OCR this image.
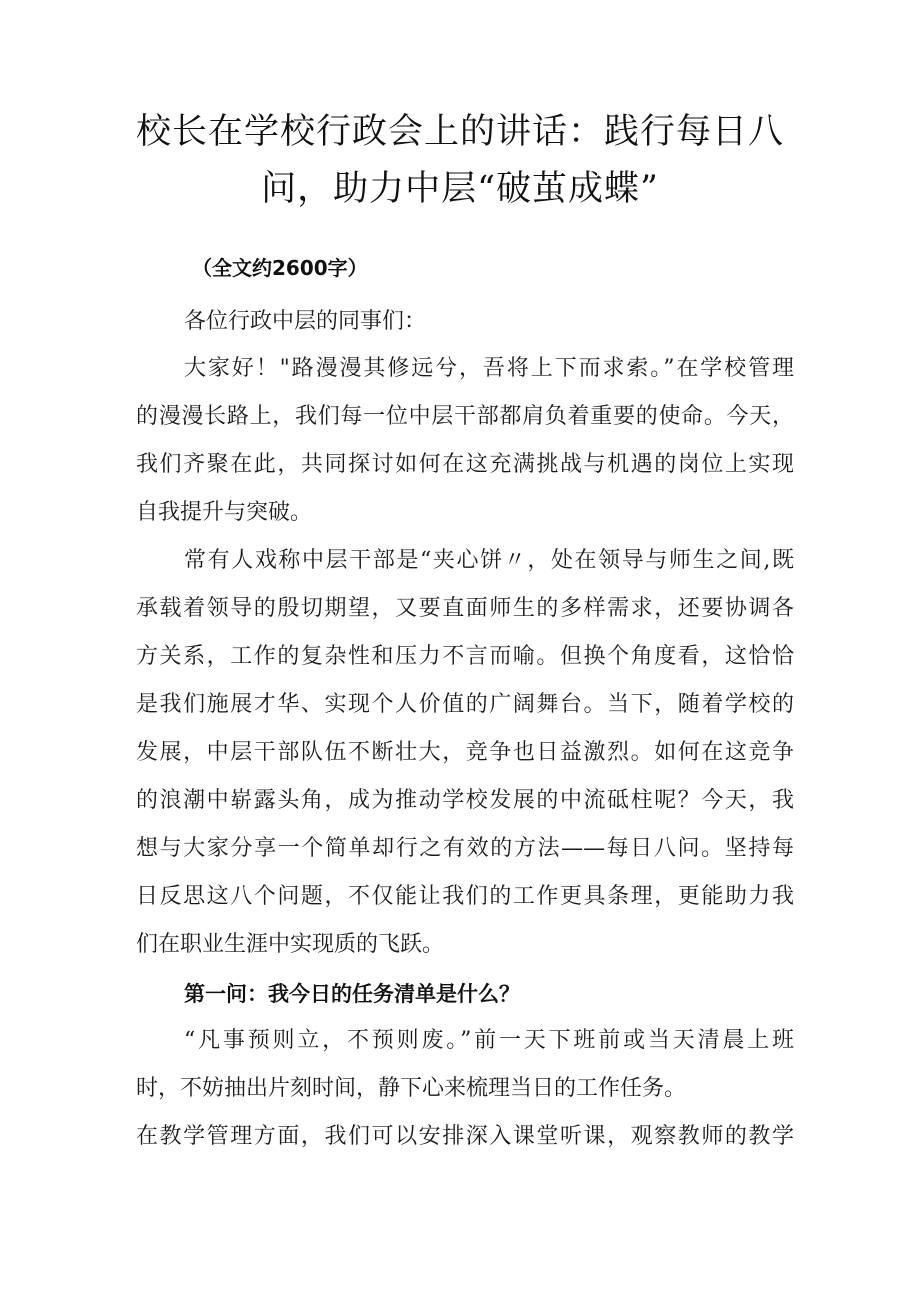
校长在学校行政会上的讲话：践行每日八
问，助力中层“破茧成蝶”
（全文约2600字）
各位行政中层的同事们：
大家好！"路漫漫其修远兮，吾将上下而求索。”在学校管理
的漫漫长路上，我们每一位中层干部都肩负着重要的使命。今天，
我们齐聚在此，共同探讨如何在这充满挑战与机遇的岗位上实现
自我提升与突破。
常有人戏称中层干部是“夹心饼〃，处在领导与师生之间,既
承载着领导的殷切期望，又要直面师生的多样需求，还要协调各
方关系，工作的复杂性和压力不言而喻。但换个角度看，这恰恰
是我们施展才华、实现个人价值的广阔舞台。当下，随着学校的
发展，中层干部队伍不断壮大，竞争也日益激烈。如何在这竞争
的浪潮中崭露头角，成为推动学校发展的中流砥柱呢？今天，我
想与大家分享一个简单却行之有效的方法——每日八问。坚持每
日反思这八个问题，不仅能让我们的工作更具条理，更能助力我
们在职业生涯中实现质的飞跃。
第一问：我今日的任务清单是什么？
“凡事预则立，不预则废。”前一天下班前或当天清晨上班
时，不妨抽出片刻时间，静下心来梳理当日的工作任务。
在教学管理方面，我们可以安排深入课堂听课，观察教师的教学
